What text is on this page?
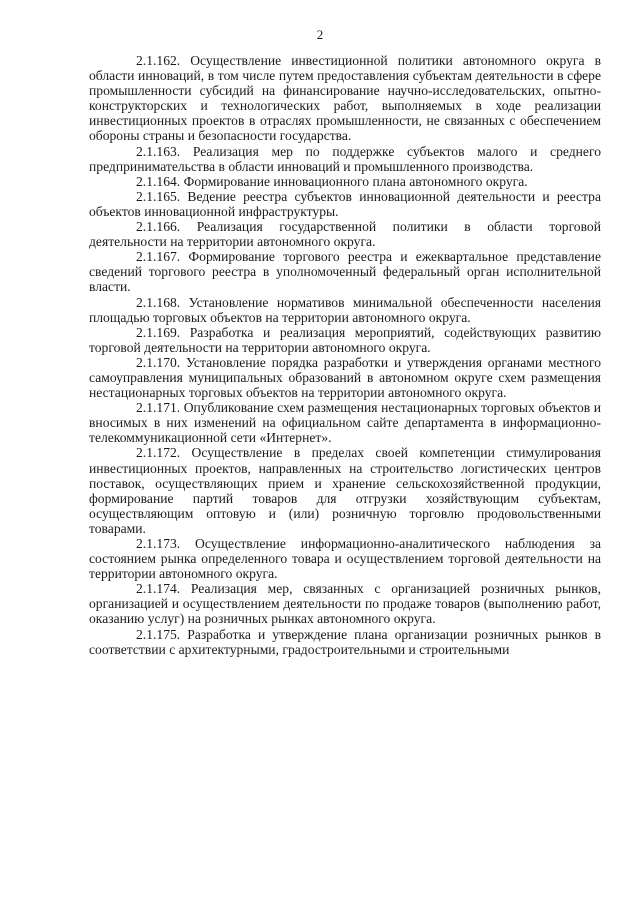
2

2.1.162. Осуществление инвестиционной политики автономного округа в области инноваций, в том числе путем предоставления субъектам деятельности в сфере промышленности субсидий на финансирование научно-исследовательских, опытно-конструкторских и технологических работ, выполняемых в ходе реализации инвестиционных проектов в отраслях промышленности, не связанных с обеспечением обороны страны и безопасности государства.

2.1.163. Реализация мер по поддержке субъектов малого и среднего предпринимательства в области инноваций и промышленного производства.

2.1.164. Формирование инновационного плана автономного округа.

2.1.165. Ведение реестра субъектов инновационной деятельности и реестра объектов инновационной инфраструктуры.

2.1.166. Реализация государственной политики в области торговой деятельности на территории автономного округа.

2.1.167. Формирование торгового реестра и ежеквартальное представление сведений торгового реестра в уполномоченный федеральный орган исполнительной власти.

2.1.168. Установление нормативов минимальной обеспеченности населения площадью торговых объектов на территории автономного округа.

2.1.169. Разработка и реализация мероприятий, содействующих развитию торговой деятельности на территории автономного округа.

2.1.170. Установление порядка разработки и утверждения органами местного самоуправления муниципальных образований в автономном округе схем размещения нестационарных торговых объектов на территории автономного округа.

2.1.171. Опубликование схем размещения нестационарных торговых объектов и вносимых в них изменений на официальном сайте департамента в информационно-телекоммуникационной сети «Интернет».

2.1.172. Осуществление в пределах своей компетенции стимулирования инвестиционных проектов, направленных на строительство логистических центров поставок, осуществляющих прием и хранение сельскохозяйственной продукции, формирование партий товаров для отгрузки хозяйствующим субъектам, осуществляющим оптовую и (или) розничную торговлю продовольственными товарами.

2.1.173. Осуществление информационно-аналитического наблюдения за состоянием рынка определенного товара и осуществлением торговой деятельности на территории автономного округа.

2.1.174. Реализация мер, связанных с организацией розничных рынков, организацией и осуществлением деятельности по продаже товаров (выполнению работ, оказанию услуг) на розничных рынках автономного округа.

2.1.175. Разработка и утверждение плана организации розничных рынков в соответствии с архитектурными, градостроительными и строительными
